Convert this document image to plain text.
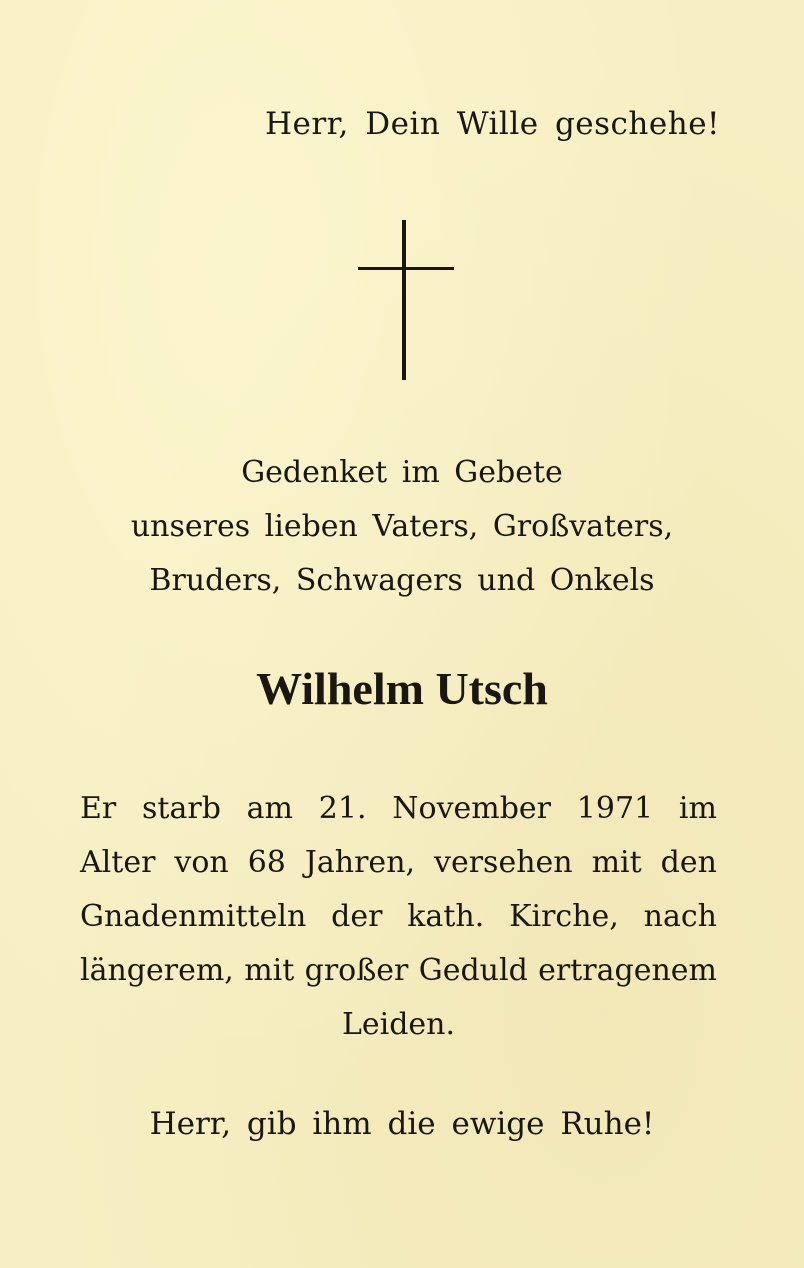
Herr, Dein Wille geschehe!
Gedenket im Gebete
unseres lieben Vaters, Großvaters,
Bruders, Schwagers und Onkels
Wilhelm Utsch
Er starb am 21. November 1971 im
Alter von 68 Jahren, versehen mit den
Gnadenmitteln der kath. Kirche, nach
längerem, mit großer Geduld ertragenem
Leiden.
Herr, gib ihm die ewige Ruhe!
